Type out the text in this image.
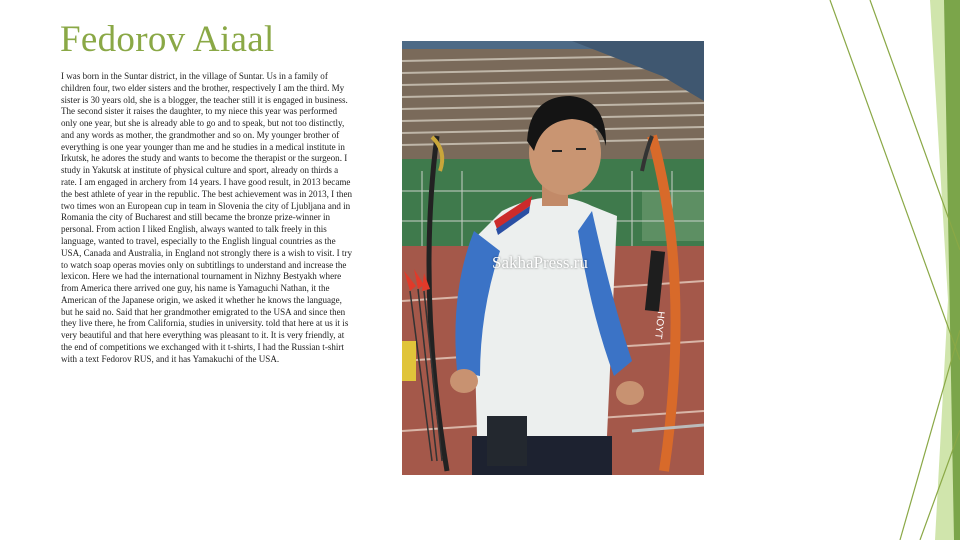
Fedorov Aiaal
I was born in the Suntar district, in the village of Suntar. Us in a family of children four, two elder sisters and the brother, respectively I am the third. My sister is 30 years old, she is a blogger, the teacher still it is engaged in business. The second sister it raises the daughter, to my niece this year was performed only one year, but she is already able to go and to speak, but not too distinctly, and any words as mother, the grandmother and so on. My younger brother of everything is one year younger than me and he studies in a medical institute in Irkutsk, he adores the study and wants to become the therapist or the surgeon. I study in Yakutsk at institute of physical culture and sport, already on thirds a rate. I am engaged in archery from 14 years. I have good result, in 2013 became the best athlete of year in the republic. The best achievement was in 2013, I then two times won an European cup in team in Slovenia the city of Ljubljana and in Romania the city of Bucharest and still became the bronze prize-winner in personal. From action I liked English, always wanted to talk freely in this language, wanted to travel, especially to the English lingual countries as the USA, Canada and Australia, in England not strongly there is a wish to visit. I try to watch soap operas movies only on subtitlings to understand and increase the lexicon. Here we had the international tournament in Nizhny Bestyakh where from America there arrived one guy, his name is Yamaguchi Nathan, it the American of the Japanese origin, we asked it whether he knows the language, but he said no. Said that her grandmother emigrated to the USA and since then they live there, he from California, studies in university. told that here at us it is very beautiful and that here everything was pleasant to it. It is very friendly, at the end of competitions we exchanged with it t-shirts, I had the Russian t-shirt with a text Fedorov RUS, and it has Yamakuchi of the USA.
HOYT
SakhaPress.ru
